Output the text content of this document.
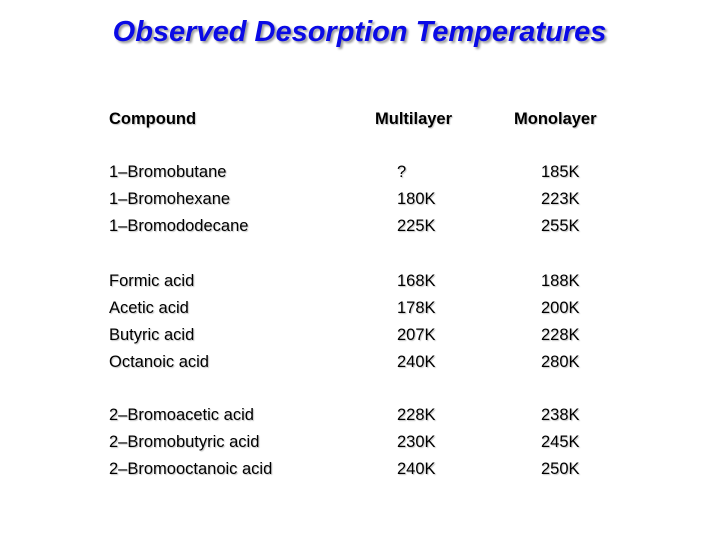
Observed Desorption Temperatures
Compound	Multilayer	Monolayer
1–Bromobutane	?	185K
1–Bromohexane	180K	223K
1–Bromododecane	225K	255K
Formic acid	168K	188K
Acetic acid	178K	200K
Butyric acid	207K	228K
Octanoic acid	240K	280K
2–Bromoacetic acid	228K	238K
2–Bromobutyric acid	230K	245K
2–Bromooctanoic acid	240K	250K
